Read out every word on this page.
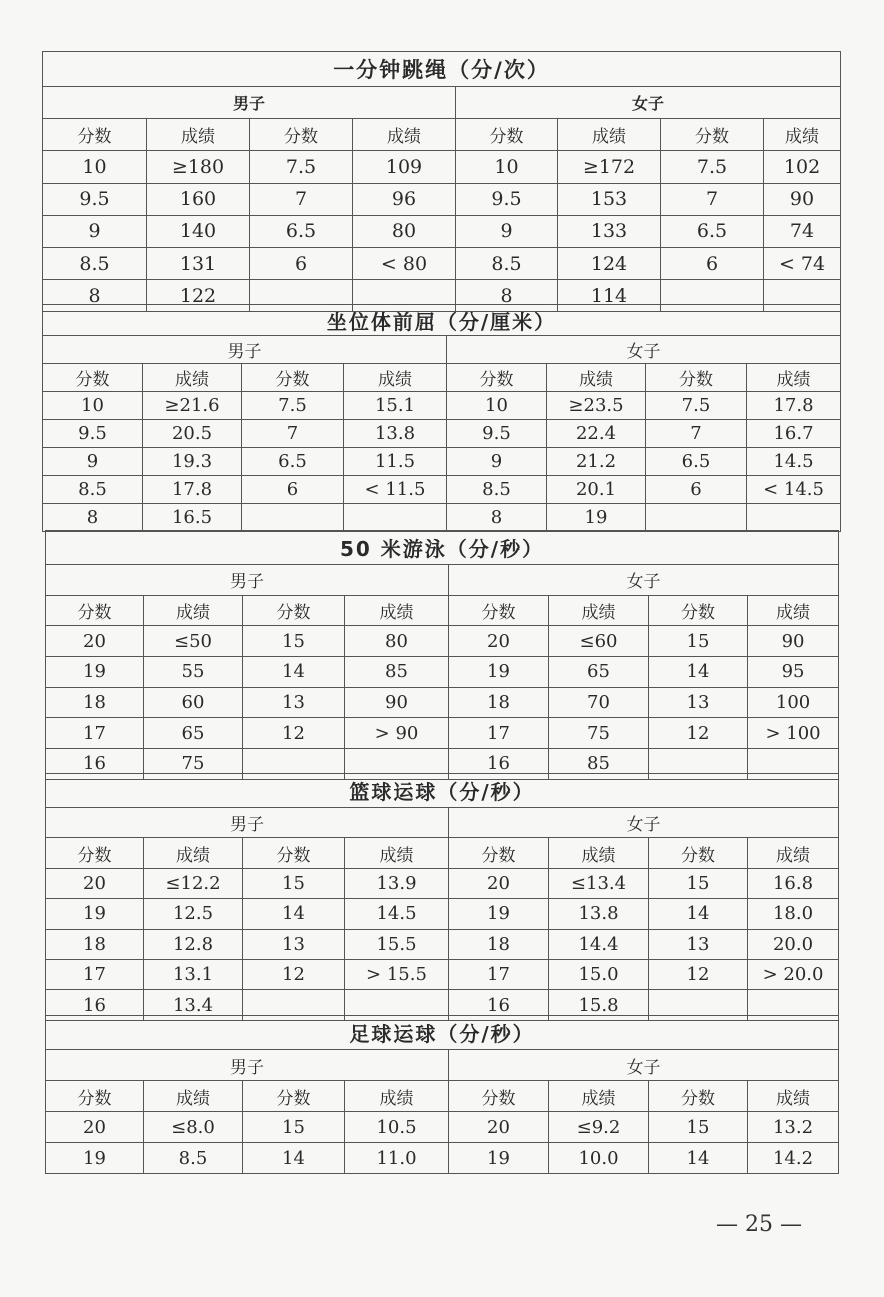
一分钟跳绳（分/次）							
男子				女子			
分数	成绩	分数	成绩	分数	成绩	分数	成绩
10	≥180	7.5	109	10	≥172	7.5	102
9.5	160	7	96	9.5	153	7	90
9	140	6.5	80	9	133	6.5	74
8.5	131	6	< 80	8.5	124	6	< 74
8	122			8	114		
坐位体前屈（分/厘米）							
男子				女子			
分数	成绩	分数	成绩	分数	成绩	分数	成绩
10	≥21.6	7.5	15.1	10	≥23.5	7.5	17.8
9.5	20.5	7	13.8	9.5	22.4	7	16.7
9	19.3	6.5	11.5	9	21.2	6.5	14.5
8.5	17.8	6	< 11.5	8.5	20.1	6	< 14.5
8	16.5			8	19		
50 米游泳（分/秒）							
男子				女子			
分数	成绩	分数	成绩	分数	成绩	分数	成绩
20	≤50	15	80	20	≤60	15	90
19	55	14	85	19	65	14	95
18	60	13	90	18	70	13	100
17	65	12	> 90	17	75	12	> 100
16	75			16	85		
篮球运球（分/秒）							
男子				女子			
分数	成绩	分数	成绩	分数	成绩	分数	成绩
20	≤12.2	15	13.9	20	≤13.4	15	16.8
19	12.5	14	14.5	19	13.8	14	18.0
18	12.8	13	15.5	18	14.4	13	20.0
17	13.1	12	> 15.5	17	15.0	12	> 20.0
16	13.4			16	15.8		
足球运球（分/秒）							
男子				女子			
分数	成绩	分数	成绩	分数	成绩	分数	成绩
20	≤8.0	15	10.5	20	≤9.2	15	13.2
19	8.5	14	11.0	19	10.0	14	14.2
— 25 —
